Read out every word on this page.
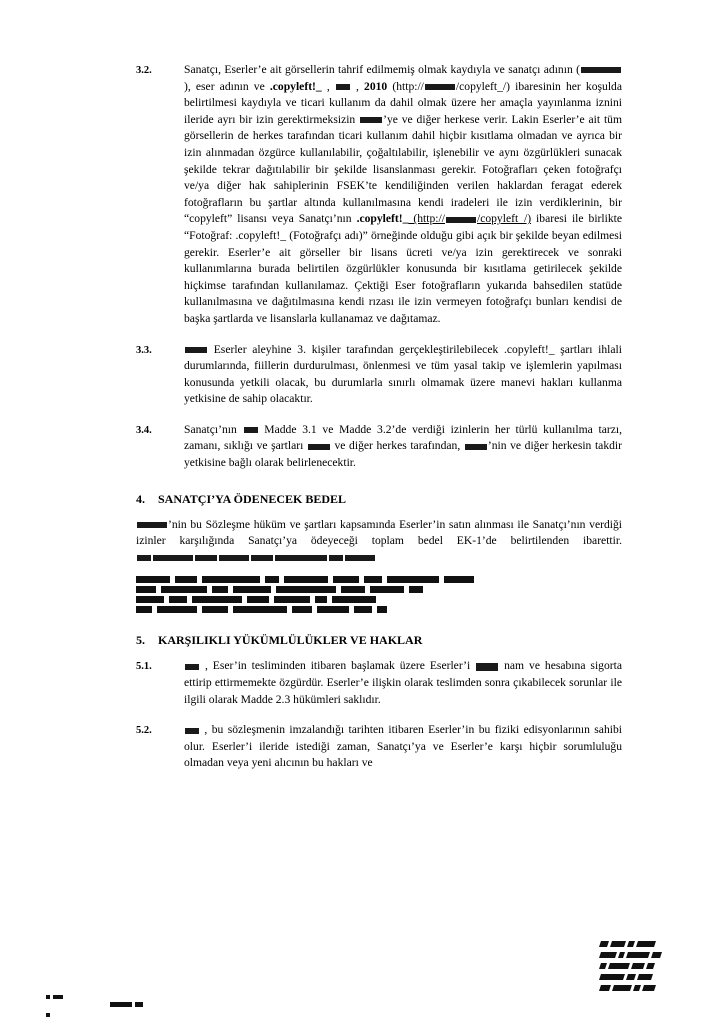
3.2.	Sanatçı, Eserler’e ait görsellerin tahrif edilmemiş olmak kaydıyla ve sanatçı adının (), eser adının ve .copyleft!_ ,  , 2010 (http://	/copyleft_/) ibaresinin her koşulda belirtilmesi kaydıyla ve ticari kullanım da dahil olmak üzere her amaçla yayınlanma iznini ileride ayrı bir izin gerektirmeksizin ’ye ve diğer herkese verir. Lakin Eserler’e ait tüm görsellerin de herkes tarafından ticari kullanım dahil hiçbir kısıtlama olmadan ve ayrıca bir izin alınmadan özgürce kullanılabilir, çoğaltılabilir, işlenebilir ve aynı özgürlükleri sunacak şekilde tekrar dağıtılabilir bir şekilde lisanslanması gerekir. Fotoğrafları çeken fotoğrafçı ve/ya diğer hak sahiplerinin FSEK’te kendiliğinden verilen haklardan feragat ederek fotoğrafların bu şartlar altında kullanılmasına kendi iradeleri ile izin verdiklerinin, bir “copyleft” lisansı veya Sanatçı’nın .copyleft!_ (http://	/copyleft_/) ibaresi ile birlikte “Fotoğraf: .copyleft!_ (Fotoğrafçı adı)” örneğinde olduğu gibi açık bir şekilde beyan edilmesi gerekir. Eserler’e ait görseller bir lisans ücreti ve/ya izin gerektirecek ve sonraki kullanımlarına burada belirtilen özgürlükler konusunda bir kısıtlama getirilecek şekilde hiçkimse tarafından kullanılamaz. Çektiği Eser fotoğrafların yukarıda bahsedilen statüde kullanılmasına ve dağıtılmasına kendi rızası ile izin vermeyen fotoğrafçı bunları kendisi de başka şartlarda ve lisanslarla kullanamaz ve dağıtamaz.
3.3.	Eserler aleyhine 3. kişiler tarafından gerçekleştirilebilecek .copyleft!_ şartları ihlali durumlarında, fiillerin durdurulması, önlenmesi ve tüm yasal takip ve işlemlerin yapılması konusunda yetkili olacak, bu durumlarla sınırlı olmamak üzere manevi hakları kullanma yetkisine de sahip olacaktır.
3.4.	Sanatçı’nın  Madde 3.1 ve Madde 3.2’de verdiği izinlerin her türlü kullanılma tarzı, zamanı, sıklığı ve şartları  ve diğer herkes tarafından, ’nin ve diğer herkesin takdir yetkisine bağlı olarak belirlenecektir.
4. SANATÇI’YA ÖDENECEK BEDEL
’nin bu Sözleşme hüküm ve şartları kapsamında Eserler’in satın alınması ile Sanatçı’nın verdiği izinler karşılığında Sanatçı’ya ödeyeceği toplam bedel EK-1’de belirtilenden ibarettir.
5. KARŞILIKLI YÜKÜMLÜLÜKLER VE HAKLAR
5.1.	, Eser’in tesliminden itibaren başlamak üzere Eserler’i  nam ve hesabına sigorta ettirip ettirmemekte özgürdür. Eserler’e ilişkin olarak teslimden sonra çıkabilecek sorunlar ile ilgili olarak Madde 2.3 hükümleri saklıdır.
5.2.	, bu sözleşmenin imzalandığı tarihten itibaren Eserler’in bu fiziki edisyonlarının sahibi olur. Eserler’i ileride istediği zaman, Sanatçı’ya ve Eserler’e karşı hiçbir sorumluluğu olmadan veya yeni alıcının bu hakları ve
